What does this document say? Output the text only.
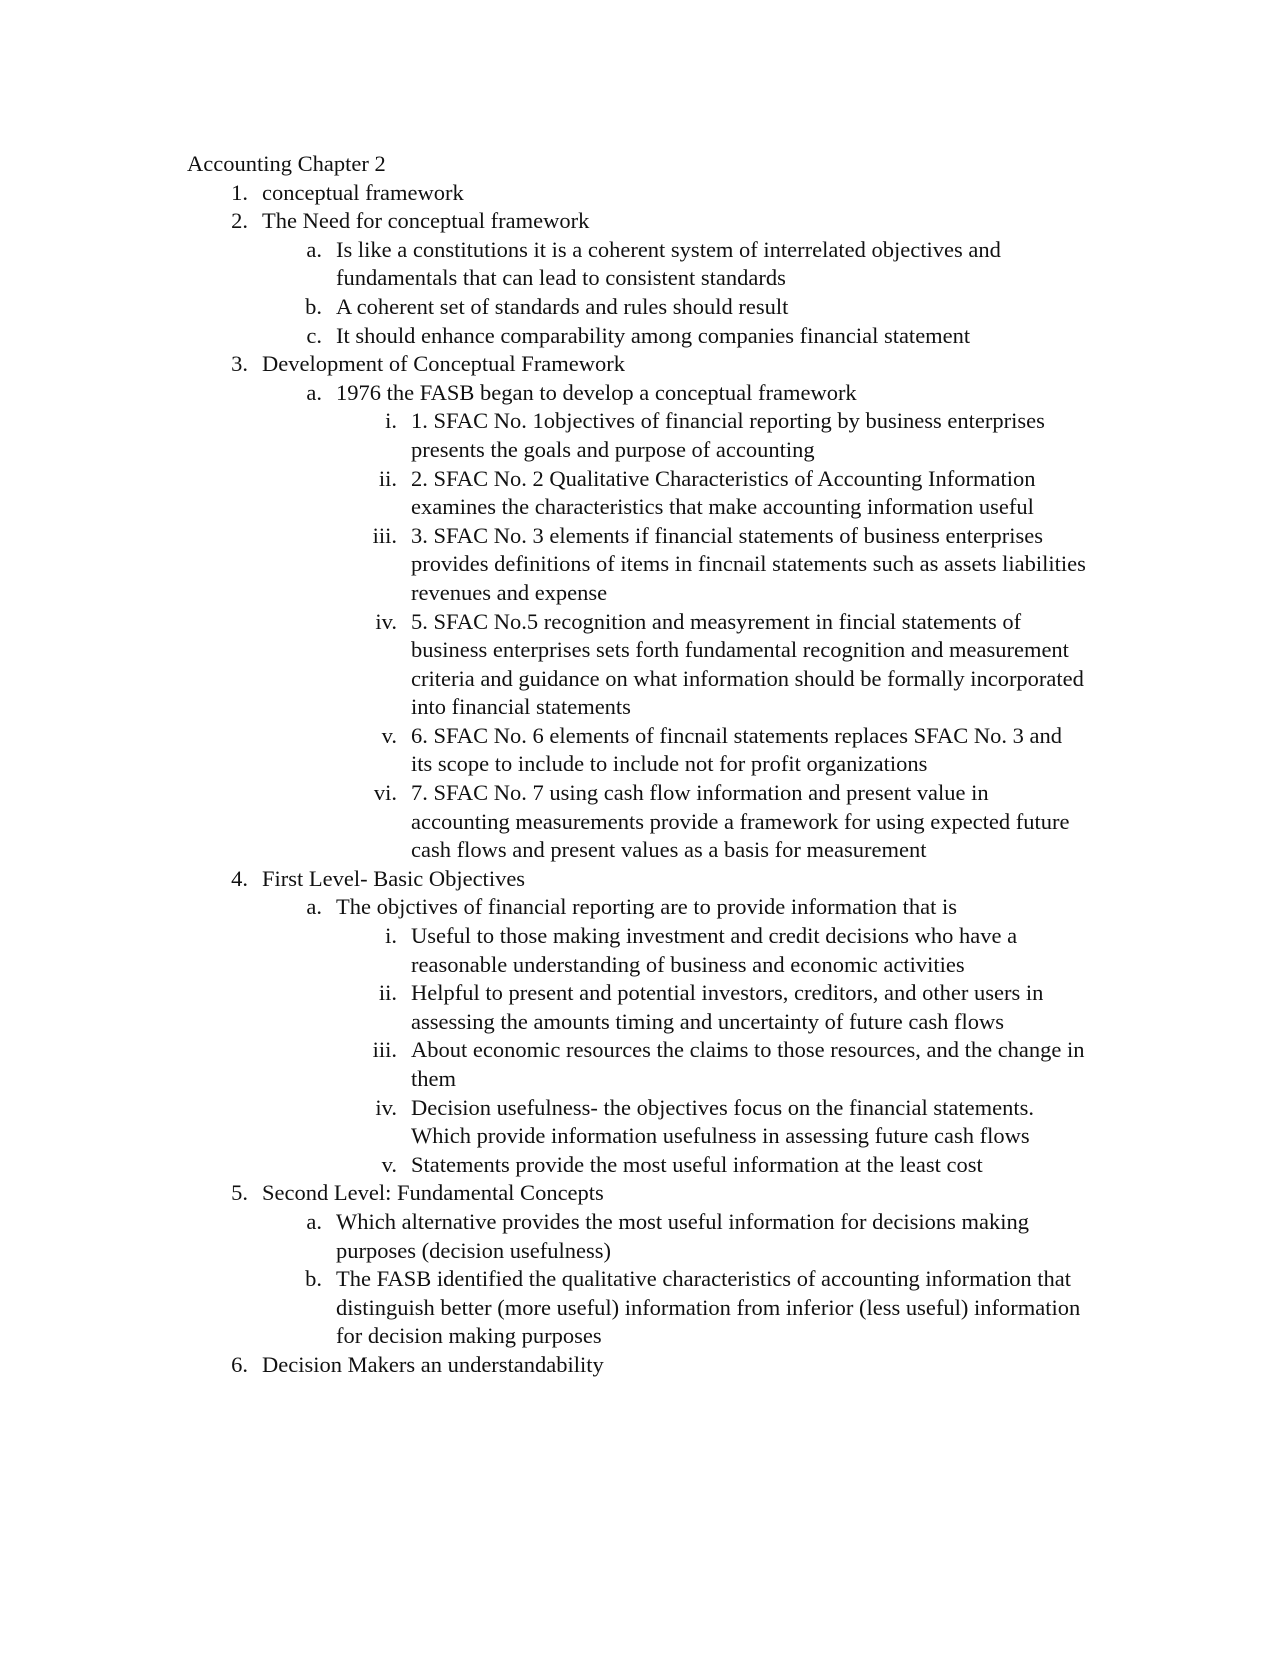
Accounting Chapter 2
1. conceptual framework
2. The Need for conceptual framework
a. Is like a constitutions it is a coherent system of interrelated objectives and fundamentals that can lead to consistent standards
b. A coherent set of standards and rules should result
c. It should enhance comparability among companies financial statement
3. Development of Conceptual Framework
a. 1976 the FASB began to develop a conceptual framework
i. 1. SFAC No. 1objectives of financial reporting by business enterprises presents the goals and purpose of accounting
ii. 2. SFAC No. 2 Qualitative Characteristics of Accounting Information examines the characteristics that make accounting information useful
iii. 3. SFAC No. 3 elements if financial statements of business enterprises provides definitions of items in fincnail statements such as assets liabilities revenues and expense
iv. 5. SFAC No.5 recognition and measyrement in fincial statements of business enterprises sets forth fundamental recognition and measurement criteria and guidance on what information should be formally incorporated into financial statements
v. 6. SFAC No. 6 elements of fincnail statements replaces SFAC No. 3 and its scope to include to include not for profit organizations
vi. 7. SFAC No. 7 using cash flow information and present value in accounting measurements provide a framework for using expected future cash flows and present values as a basis for measurement
4. First Level- Basic Objectives
a. The objctives of financial reporting are to provide information that is
i. Useful to those making investment and credit decisions who have a reasonable understanding of business and economic activities
ii. Helpful to present and potential investors, creditors, and other users in assessing the amounts timing and uncertainty of future cash flows
iii. About economic resources the claims to those resources, and the change in them
iv. Decision usefulness- the objectives focus on the financial statements. Which provide information usefulness in assessing future cash flows
v. Statements provide the most useful information at the least cost
5. Second Level: Fundamental Concepts
a. Which alternative provides the most useful information for decisions making purposes (decision usefulness)
b. The FASB identified the qualitative characteristics of accounting information that distinguish better (more useful) information from inferior (less useful) information for decision making purposes
6. Decision Makers an understandability
